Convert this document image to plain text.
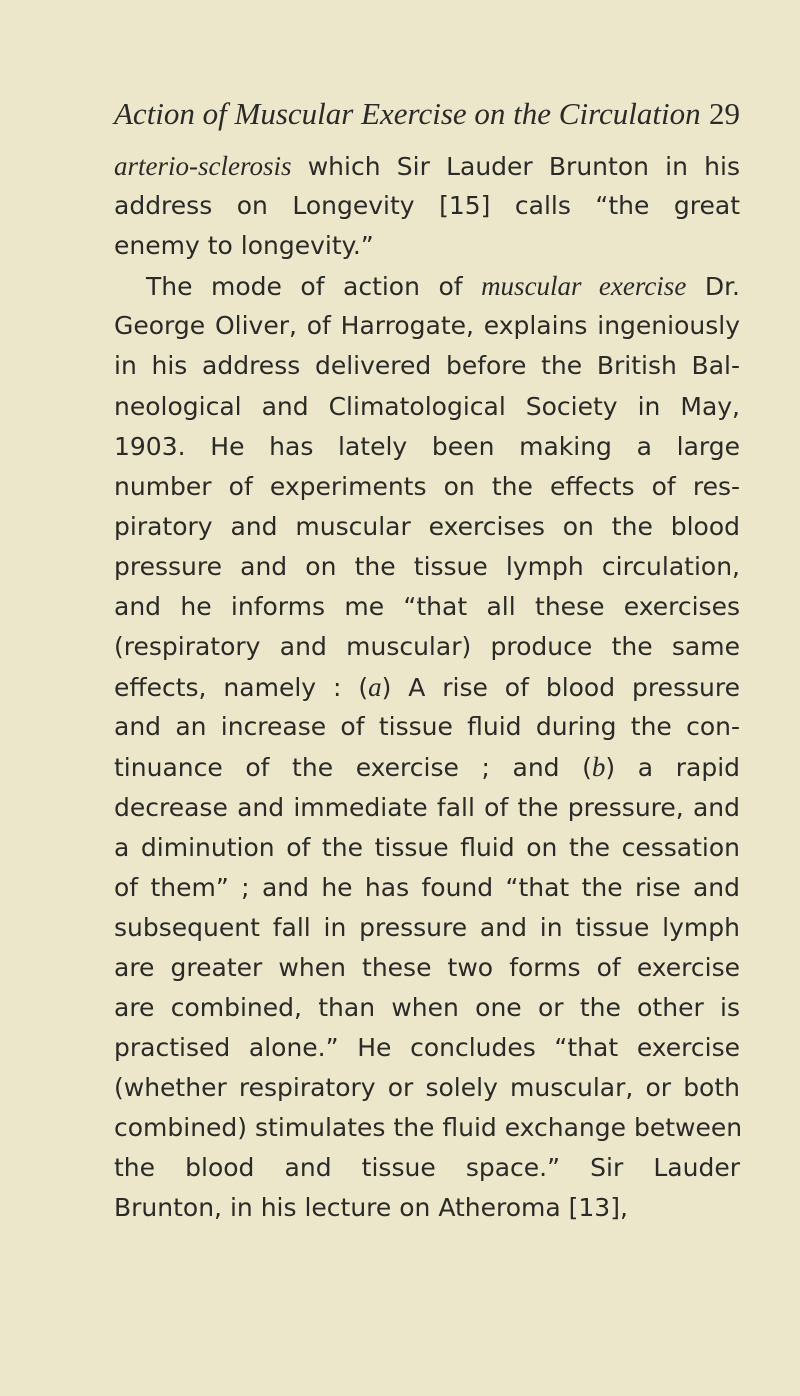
Action of Muscular Exercise on the Circulation 29
arterio-sclerosis which Sir Lauder Brunton in his
address on Longevity [15] calls “the great
enemy to longevity.”
The mode of action of muscular exercise Dr.
George Oliver, of Harrogate, explains ingeniously
in his address delivered before the British Bal-
neological and Climatological Society in May,
1903. He has lately been making a large
number of experiments on the effects of res-
piratory and muscular exercises on the blood
pressure and on the tissue lymph circulation,
and he informs me “that all these exercises
(respiratory and muscular) produce the same
effects, namely : (a) A rise of blood pressure
and an increase of tissue fluid during the con-
tinuance of the exercise ; and (b) a rapid
decrease and immediate fall of the pressure, and
a diminution of the tissue fluid on the cessation
of them” ; and he has found “that the rise and
subsequent fall in pressure and in tissue lymph
are greater when these two forms of exercise
are combined, than when one or the other is
practised alone.” He concludes “that exercise
(whether respiratory or solely muscular, or both
combined) stimulates the fluid exchange between
the blood and tissue space.” Sir Lauder
Brunton, in his lecture on Atheroma [13],
